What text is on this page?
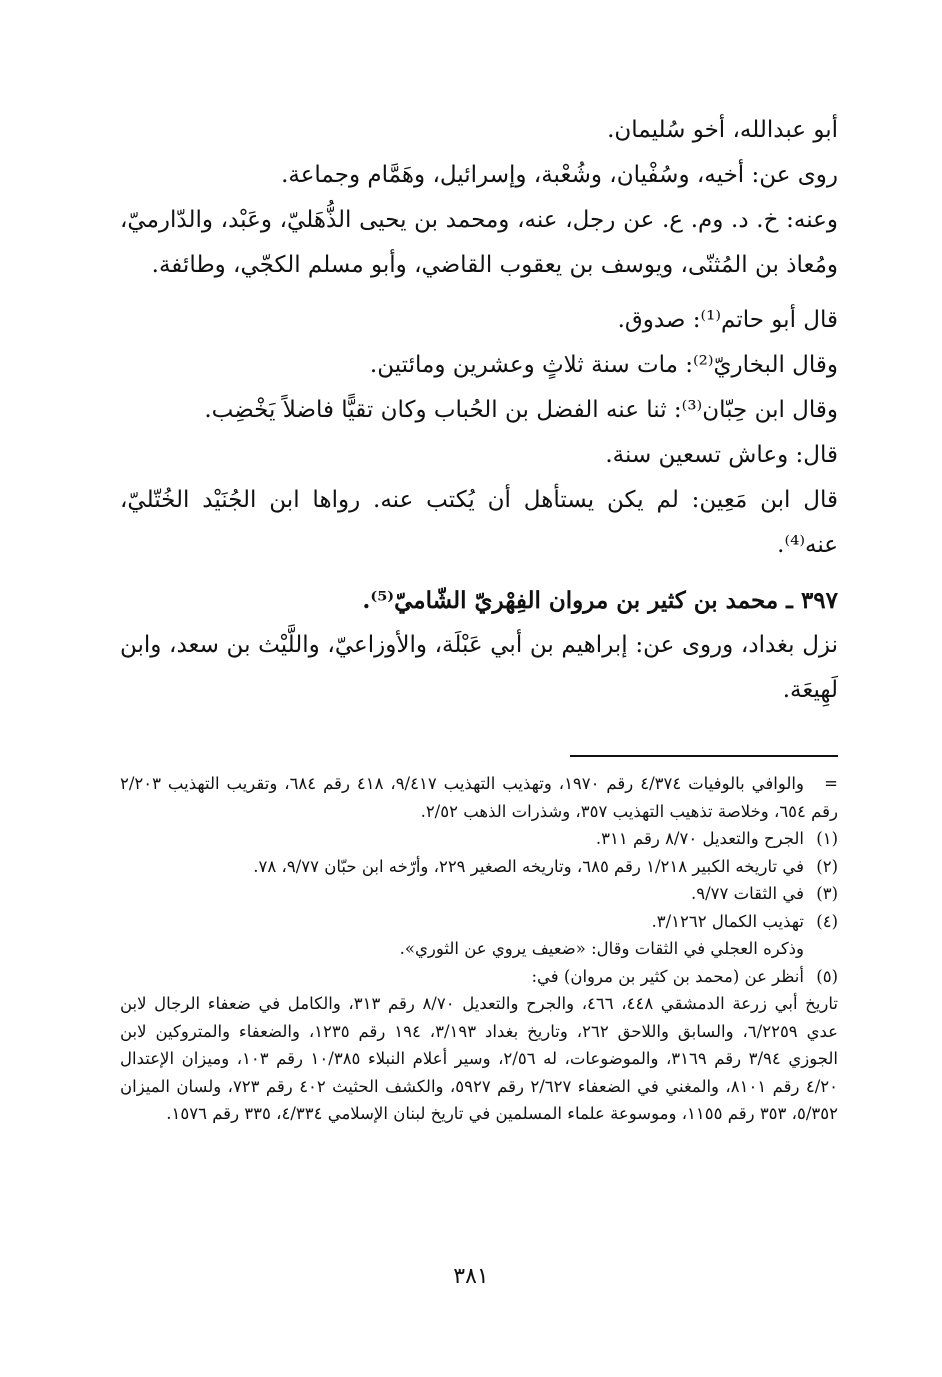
أبو عبدالله، أخو سُليمان.

روى عن: أخيه، وسُفْيان، وشُعْبة، وإسرائيل، وهَمَّام وجماعة.

وعنه: خ. د. وم. ع. عن رجل، عنه، ومحمد بن يحيى الذُّهَليّ، وعَبْد، والدّارميّ، ومُعاذ بن المُثنّى، ويوسف بن يعقوب القاضي، وأبو مسلم الكجّي، وطائفة.

قال أبو حاتم⁽¹⁾: صدوق.

وقال البخاريّ⁽²⁾: مات سنة ثلاثٍ وعشرين ومائتين.

وقال ابن حِبّان⁽³⁾: ثنا عنه الفضل بن الحُباب وكان تقيًّا فاضلاً يَخْضِب.

قال: وعاش تسعين سنة.

قال ابن مَعِين: لم يكن يستأهل أن يُكتب عنه. رواها ابن الجُنَيْد الخُتّليّ، عنه⁽⁴⁾.

٣٩٧ ـ محمد بن كثير بن مروان الفِهْريّ الشّاميّ⁽⁵⁾.

نزل بغداد، وروى عن: إبراهيم بن أبي عَبْلَة، والأوزاعيّ، واللَّيْث بن سعد، وابن لَهِيعَة.

=والوافي بالوفيات ٤/٣٧٤ رقم ١٩٧٠، وتهذيب التهذيب ٩/٤١٧، ٤١٨ رقم ٦٨٤، وتقريب التهذيب ٢/٢٠٣ رقم ٦٥٤، وخلاصة تذهيب التهذيب ٣٥٧، وشذرات الذهب ٢/٥٢.

(١)الجرح والتعديل ٨/٧٠ رقم ٣١١.

(٢)في تاريخه الكبير ١/٢١٨ رقم ٦٨٥، وتاريخه الصغير ٢٢٩، وأرّخه ابن حبّان ٩/٧٧، ٧٨.

(٣)في الثقات ٩/٧٧.

(٤)تهذيب الكمال ٣/١٢٦٢.

وذكره العجلي في الثقات وقال: «ضعيف يروي عن الثوري».

(٥)أنظر عن (محمد بن كثير بن مروان) في:

تاريخ أبي زرعة الدمشقي ٤٤٨، ٤٦٦، والجرح والتعديل ٨/٧٠ رقم ٣١٣، والكامل في ضعفاء الرجال لابن عدي ٦/٢٢٥٩، والسابق واللاحق ٢٦٢، وتاريخ بغداد ٣/١٩٣، ١٩٤ رقم ١٢٣٥، والضعفاء والمتروكين لابن الجوزي ٣/٩٤ رقم ٣١٦٩، والموضوعات، له ٢/٥٦، وسير أعلام النبلاء ١٠/٣٨٥ رقم ١٠٣، وميزان الإعتدال ٤/٢٠ رقم ٨١٠١، والمغني في الضعفاء ٢/٦٢٧ رقم ٥٩٢٧، والكشف الحثيث ٤٠٢ رقم ٧٢٣، ولسان الميزان ٥/٣٥٢، ٣٥٣ رقم ١١٥٥، وموسوعة علماء المسلمين في تاريخ لبنان الإسلامي ٤/٣٣٤، ٣٣٥ رقم ١٥٧٦.

٣٨١
